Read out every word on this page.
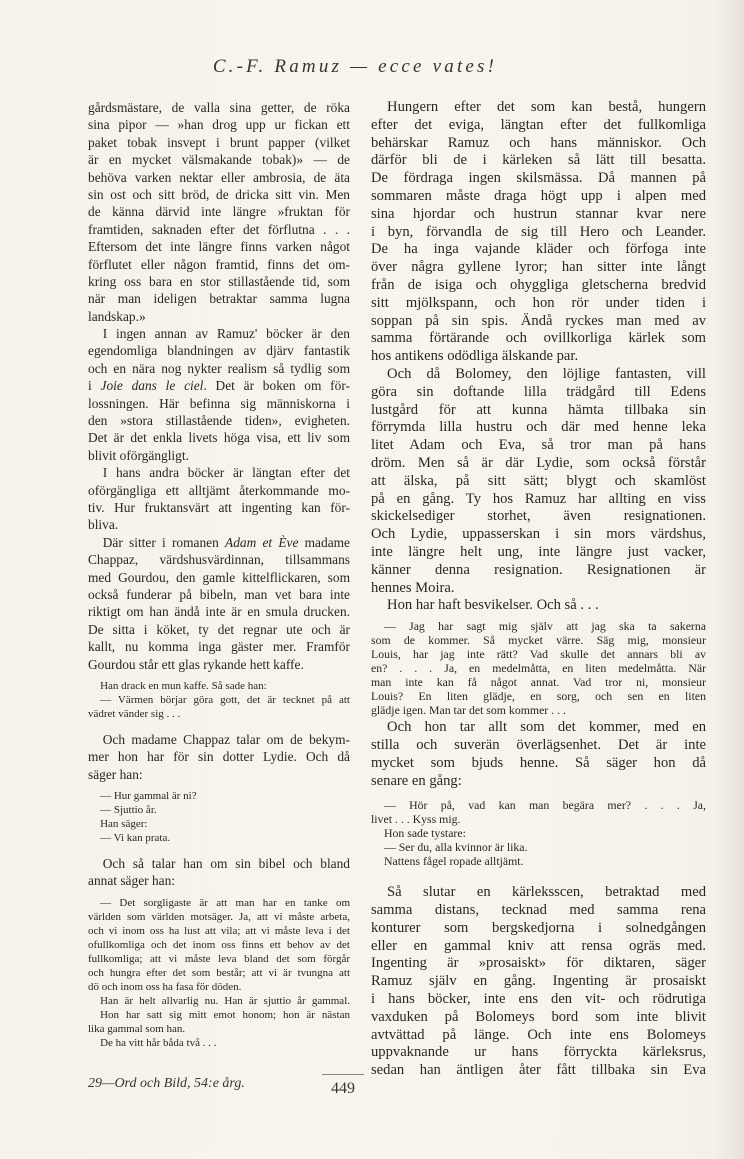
C.-F. Ramuz — ecce vates!
gårdsmästare, de valla sina getter, de röka
sina pipor — »han drog upp ur fickan ett
paket tobak insvept i brunt papper (vilket
är en mycket välsmakande tobak)» — de
behöva varken nektar eller ambrosia, de äta
sin ost och sitt bröd, de dricka sitt vin. Men
de känna därvid inte längre »fruktan för
framtiden, saknaden efter det förflutna . . .
Eftersom det inte längre finns varken något
förflutet eller någon framtid, finns det om-
kring oss bara en stor stillastående tid, som
när man ideligen betraktar samma lugna
landskap.»
I ingen annan av Ramuz' böcker är den
egendomliga blandningen av djärv fantastik
och en nära nog nykter realism så tydlig som
i Joie dans le ciel. Det är boken om för-
lossningen. Här befinna sig människorna i
den »stora stillastående tiden», evigheten.
Det är det enkla livets höga visa, ett liv som
blivit oförgängligt.
I hans andra böcker är längtan efter det
oförgängliga ett alltjämt återkommande mo-
tiv. Hur fruktansvärt att ingenting kan för-
bliva.
Där sitter i romanen Adam et Ève madame
Chappaz, värdshusvärdinnan, tillsammans
med Gourdou, den gamle kittelflickaren, som
också funderar på bibeln, man vet bara inte
riktigt om han ändå inte är en smula drucken.
De sitta i köket, ty det regnar ute och är
kallt, nu komma inga gäster mer. Framför
Gourdou står ett glas rykande hett kaffe.
Han drack en mun kaffe. Så sade han:
— Värmen börjar göra gott, det är tecknet på att
vädret vänder sig . . .
Och madame Chappaz talar om de bekym-
mer hon har för sin dotter Lydie. Och då
säger han:
— Hur gammal är ni?
— Sjuttio år.
Han säger:
— Vi kan prata.
Och så talar han om sin bibel och bland
annat säger han:
— Det sorgligaste är att man har en tanke om
världen som världen motsäger. Ja, att vi måste arbeta,
och vi inom oss ha lust att vila; att vi måste leva i det
ofullkomliga och det inom oss finns ett behov av det
fullkomliga; att vi måste leva bland det som förgår
och hungra efter det som består; att vi är tvungna att
dö och inom oss ha fasa för döden.
Han är helt allvarlig nu. Han är sjuttio år gammal.
Hon har satt sig mitt emot honom; hon är nästan
lika gammal som han.
De ha vitt hår båda två . . .
Hungern efter det som kan bestå, hungern
efter det eviga, längtan efter det fullkomliga
behärskar Ramuz och hans människor. Och
därför bli de i kärleken så lätt till besatta.
De fördraga ingen skilsmässa. Då mannen på
sommaren måste draga högt upp i alpen med
sina hjordar och hustrun stannar kvar nere
i byn, förvandla de sig till Hero och Leander.
De ha inga vajande kläder och förfoga inte
över några gyllene lyror; han sitter inte långt
från de isiga och ohyggliga gletscherna bredvid
sitt mjölkspann, och hon rör under tiden i
soppan på sin spis. Ändå ryckes man med av
samma förtärande och ovillkorliga kärlek som
hos antikens odödliga älskande par.
Och då Bolomey, den löjlige fantasten, vill
göra sin doftande lilla trädgård till Edens
lustgård för att kunna hämta tillbaka sin
förrymda lilla hustru och där med henne leka
litet Adam och Eva, så tror man på hans
dröm. Men så är där Lydie, som också förstår
att älska, på sitt sätt; blygt och skamlöst
på en gång. Ty hos Ramuz har allting en viss
skickelsediger storhet, även resignationen.
Och Lydie, uppasserskan i sin mors värdshus,
inte längre helt ung, inte längre just vacker,
känner denna resignation. Resignationen är
hennes Moira.
Hon har haft besvikelser. Och så . . .
— Jag har sagt mig själv att jag ska ta sakerna
som de kommer. Så mycket värre. Säg mig, monsieur
Louis, har jag inte rätt? Vad skulle det annars bli av
en? . . . Ja, en medelmåtta, en liten medelmåtta. När
man inte kan få något annat. Vad tror ni, monsieur
Louis? En liten glädje, en sorg, och sen en liten
glädje igen. Man tar det som kommer . . .
Och hon tar allt som det kommer, med en
stilla och suverän överlägsenhet. Det är inte
mycket som bjuds henne. Så säger hon då
senare en gång:
— Hör på, vad kan man begära mer? . . . Ja,
livet . . . Kyss mig.
Hon sade tystare:
— Ser du, alla kvinnor är lika.
Nattens fågel ropade alltjämt.
Så slutar en kärleksscen, betraktad med
samma distans, tecknad med samma rena
konturer som bergskedjorna i solnedgången
eller en gammal kniv att rensa ogräs med.
Ingenting är »prosaiskt» för diktaren, säger
Ramuz själv en gång. Ingenting är prosaiskt
i hans böcker, inte ens den vit- och rödrutiga
vaxduken på Bolomeys bord som inte blivit
avtvättad på länge. Och inte ens Bolomeys
uppvaknande ur hans förryckta kärleksrus,
sedan han äntligen åter fått tillbaka sin Eva
29—Ord och Bild, 54:e årg.	449
